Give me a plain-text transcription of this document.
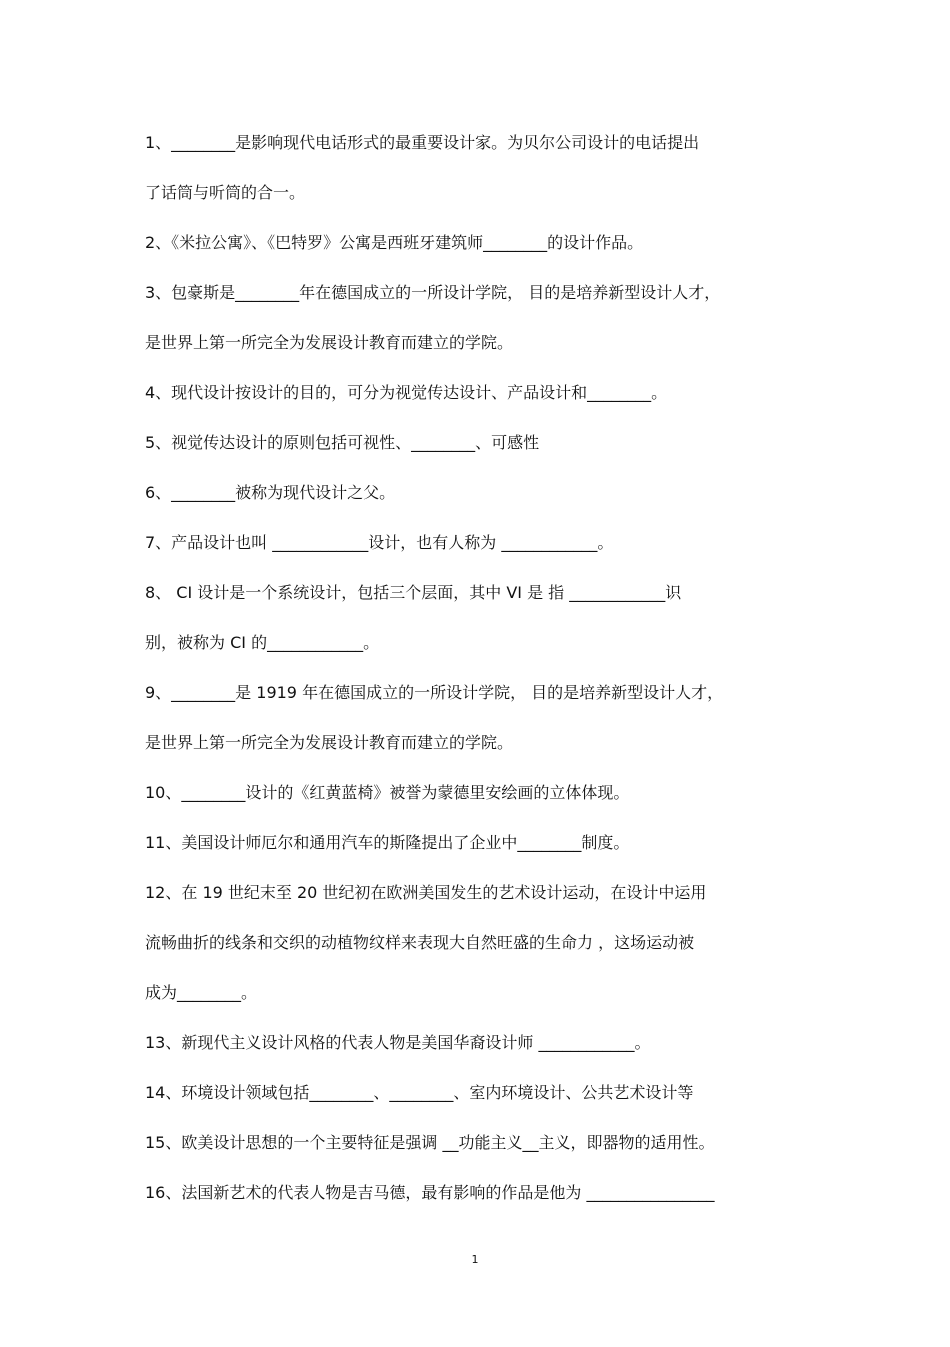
1、________是影响现代电话形式的最重要设计家。为贝尔公司设计的电话提出
了话筒与听筒的合一。
2、《米拉公寓》、《巴特罗》公寓是西班牙建筑师________的设计作品。
3、包豪斯是________年在德国成立的一所设计学院， 目的是培养新型设计人才，
是世界上第一所完全为发展设计教育而建立的学院。
4、现代设计按设计的目的，可分为视觉传达设计、产品设计和________。
5、视觉传达设计的原则包括可视性、________、可感性
6、________被称为现代设计之父。
7、产品设计也叫 ____________设计，也有人称为 ____________。
8、 CI 设计是一个系统设计，包括三个层面，其中 VI 是 指 ____________识
别，被称为 CI 的____________。
9、________是 1919 年在德国成立的一所设计学院， 目的是培养新型设计人才，
是世界上第一所完全为发展设计教育而建立的学院。
10、________设计的《红黄蓝椅》被誉为蒙德里安绘画的立体体现。
11、美国设计师厄尔和通用汽车的斯隆提出了企业中________制度。
12、在 19 世纪末至 20 世纪初在欧洲美国发生的艺术设计运动，在设计中运用
流畅曲折的线条和交织的动植物纹样来表现大自然旺盛的生命力 ，这场运动被
成为________。
13、新现代主义设计风格的代表人物是美国华裔设计师 ____________。
14、环境设计领域包括________、________、室内环境设计、公共艺术设计等
15、欧美设计思想的一个主要特征是强调 __功能主义__主义，即器物的适用性。
16、法国新艺术的代表人物是吉马德，最有影响的作品是他为 ________________
1
